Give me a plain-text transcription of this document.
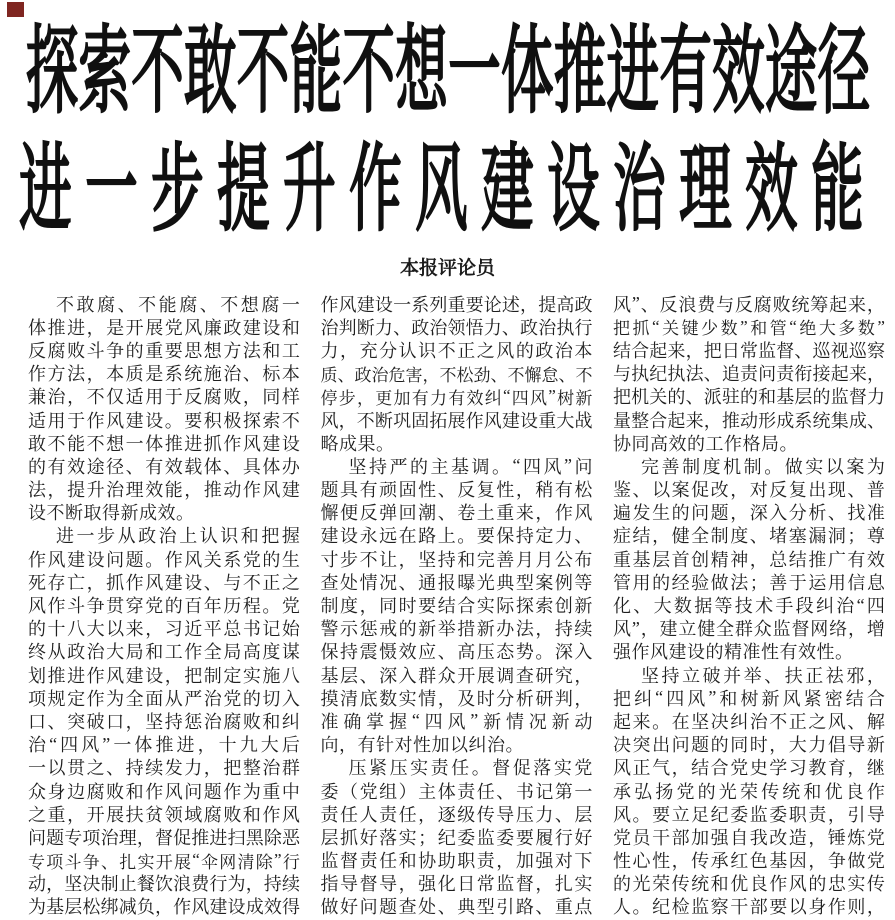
探索不敢不能不想一体推进有效途径
进一步提升作风建设治理效能
本报评论员
不 敢 腐 、 不 能 腐 、 不 想 腐 一
体 推 进 ， 是 开 展 党 风 廉 政 建 设 和
反 腐 败 斗 争 的 重 要 思 想 方 法 和 工
作 方 法 ， 本 质 是 系 统 施 治 、 标 本
兼 治 ， 不 仅 适 用 于 反 腐 败 ， 同 样
适 用 于 作 风 建 设 。 要 积 极 探 索 不
敢 不 能 不 想 一 体 推 进 抓 作 风 建 设
的 有 效 途 径 、 有 效 载 体 、 具 体 办
法 ， 提 升 治 理 效 能 ， 推 动 作 风 建
设 不 断 取 得 新 成 效 。
进 一 步 从 政 治 上 认 识 和 把 握
作 风 建 设 问 题 。 作 风 关 系 党 的 生
死 存 亡 ， 抓 作 风 建 设 、 与 不 正 之
风 作 斗 争 贯 穿 党 的 百 年 历 程 。 党
的 十 八 大 以 来 ， 习 近 平 总 书 记 始
终 从 政 治 大 局 和 工 作 全 局 高 度 谋
划 推 进 作 风 建 设 ， 把 制 定 实 施 八
项 规 定 作 为 全 面 从 严 治 党 的 切 入
口 、 突 破 口 ， 坚 持 惩 治 腐 败 和 纠
治 “ 四 风 ” 一 体 推 进 ， 十 九 大 后
一 以 贯 之 、 持 续 发 力 ， 把 整 治 群
众 身 边 腐 败 和 作 风 问 题 作 为 重 中
之 重 ， 开 展 扶 贫 领 域 腐 败 和 作 风
问 题 专 项 治 理 ， 督 促 推 进 扫 黑 除 恶
专 项 斗 争 、 扎 实 开 展 “ 伞 网 清 除 ” 行
动 ， 坚 决 制 止 餐 饮 浪 费 行 为 ， 持 续
为 基 层 松 绑 减 负 ， 作 风 建 设 成 效 得
作 风 建 设 一 系 列 重 要 论 述 ， 提 高 政
治 判 断 力 、 政 治 领 悟 力 、 政 治 执 行
力 ， 充 分 认 识 不 正 之 风 的 政 治 本
质 、 政 治 危 害 ， 不 松 劲 、 不 懈 怠 、 不
停 步 ， 更 加 有 力 有 效 纠 “ 四 风 ” 树 新
风 ， 不 断 巩 固 拓 展 作 风 建 设 重 大 战
略 成 果 。
坚 持 严 的 主 基 调 。 “ 四 风 ” 问
题 具 有 顽 固 性 、 反 复 性 ， 稍 有 松
懈 便 反 弹 回 潮 、 卷 土 重 来 ， 作 风
建 设 永 远 在 路 上 。 要 保 持 定 力 、
寸 步 不 让 ， 坚 持 和 完 善 月 月 公 布
查 处 情 况 、 通 报 曝 光 典 型 案 例 等
制 度 ， 同 时 要 结 合 实 际 探 索 创 新
警 示 惩 戒 的 新 举 措 新 办 法 ， 持 续
保 持 震 慑 效 应 、 高 压 态 势 。 深 入
基 层 、 深 入 群 众 开 展 调 查 研 究 ，
摸 清 底 数 实 情 ， 及 时 分 析 研 判 ，
准 确 掌 握 “ 四 风 ” 新 情 况 新 动
向 ， 有 针 对 性 加 以 纠 治 。
压 紧 压 实 责 任 。 督 促 落 实 党
委 （ 党 组 ） 主 体 责 任 、 书 记 第 一
责 任 人 责 任 ， 逐 级 传 导 压 力 、 层
层 抓 好 落 实 ； 纪 委 监 委 要 履 行 好
监 督 责 任 和 协 助 职 责 ， 加 强 对 下
指 导 督 导 ， 强 化 日 常 监 督 ， 扎 实
做 好 问 题 查 处 、 典 型 引 路 、 重 点
风 ” 、 反 浪 费 与 反 腐 败 统 筹 起 来 ，
把 抓 “ 关 键 少 数 ” 和 管 “ 绝 大 多 数 ”
结 合 起 来 ， 把 日 常 监 督 、 巡 视 巡 察
与 执 纪 执 法 、 追 责 问 责 衔 接 起 来 ，
把 机 关 的 、 派 驻 的 和 基 层 的 监 督 力
量 整 合 起 来 ， 推 动 形 成 系 统 集 成 、
协 同 高 效 的 工 作 格 局 。
完 善 制 度 机 制 。 做 实 以 案 为
鉴 、 以 案 促 改 ， 对 反 复 出 现 、 普
遍 发 生 的 问 题 ， 深 入 分 析 、 找 准
症 结 ， 健 全 制 度 、 堵 塞 漏 洞 ； 尊
重 基 层 首 创 精 神 ， 总 结 推 广 有 效
管 用 的 经 验 做 法 ； 善 于 运 用 信 息
化 、 大 数 据 等 技 术 手 段 纠 治 “ 四
风 ” ， 建 立 健 全 群 众 监 督 网 络 ， 增
强 作 风 建 设 的 精 准 性 有 效 性 。
坚 持 立 破 并 举 、 扶 正 祛 邪 ，
把 纠 “ 四 风 ” 和 树 新 风 紧 密 结 合
起 来 。 在 坚 决 纠 治 不 正 之 风 、 解
决 突 出 问 题 的 同 时 ， 大 力 倡 导 新
风 正 气 ， 结 合 党 史 学 习 教 育 ， 继
承 弘 扬 党 的 光 荣 传 统 和 优 良 作
风 。 要 立 足 纪 委 监 委 职 责 ， 引 导
党 员 干 部 加 强 自 我 改 造 ， 锤 炼 党
性 心 性 ， 传 承 红 色 基 因 ， 争 做 党
的 光 荣 传 统 和 优 良 作 风 的 忠 实 传
人 。 纪 检 监 察 干 部 要 以 身 作 则 ，
